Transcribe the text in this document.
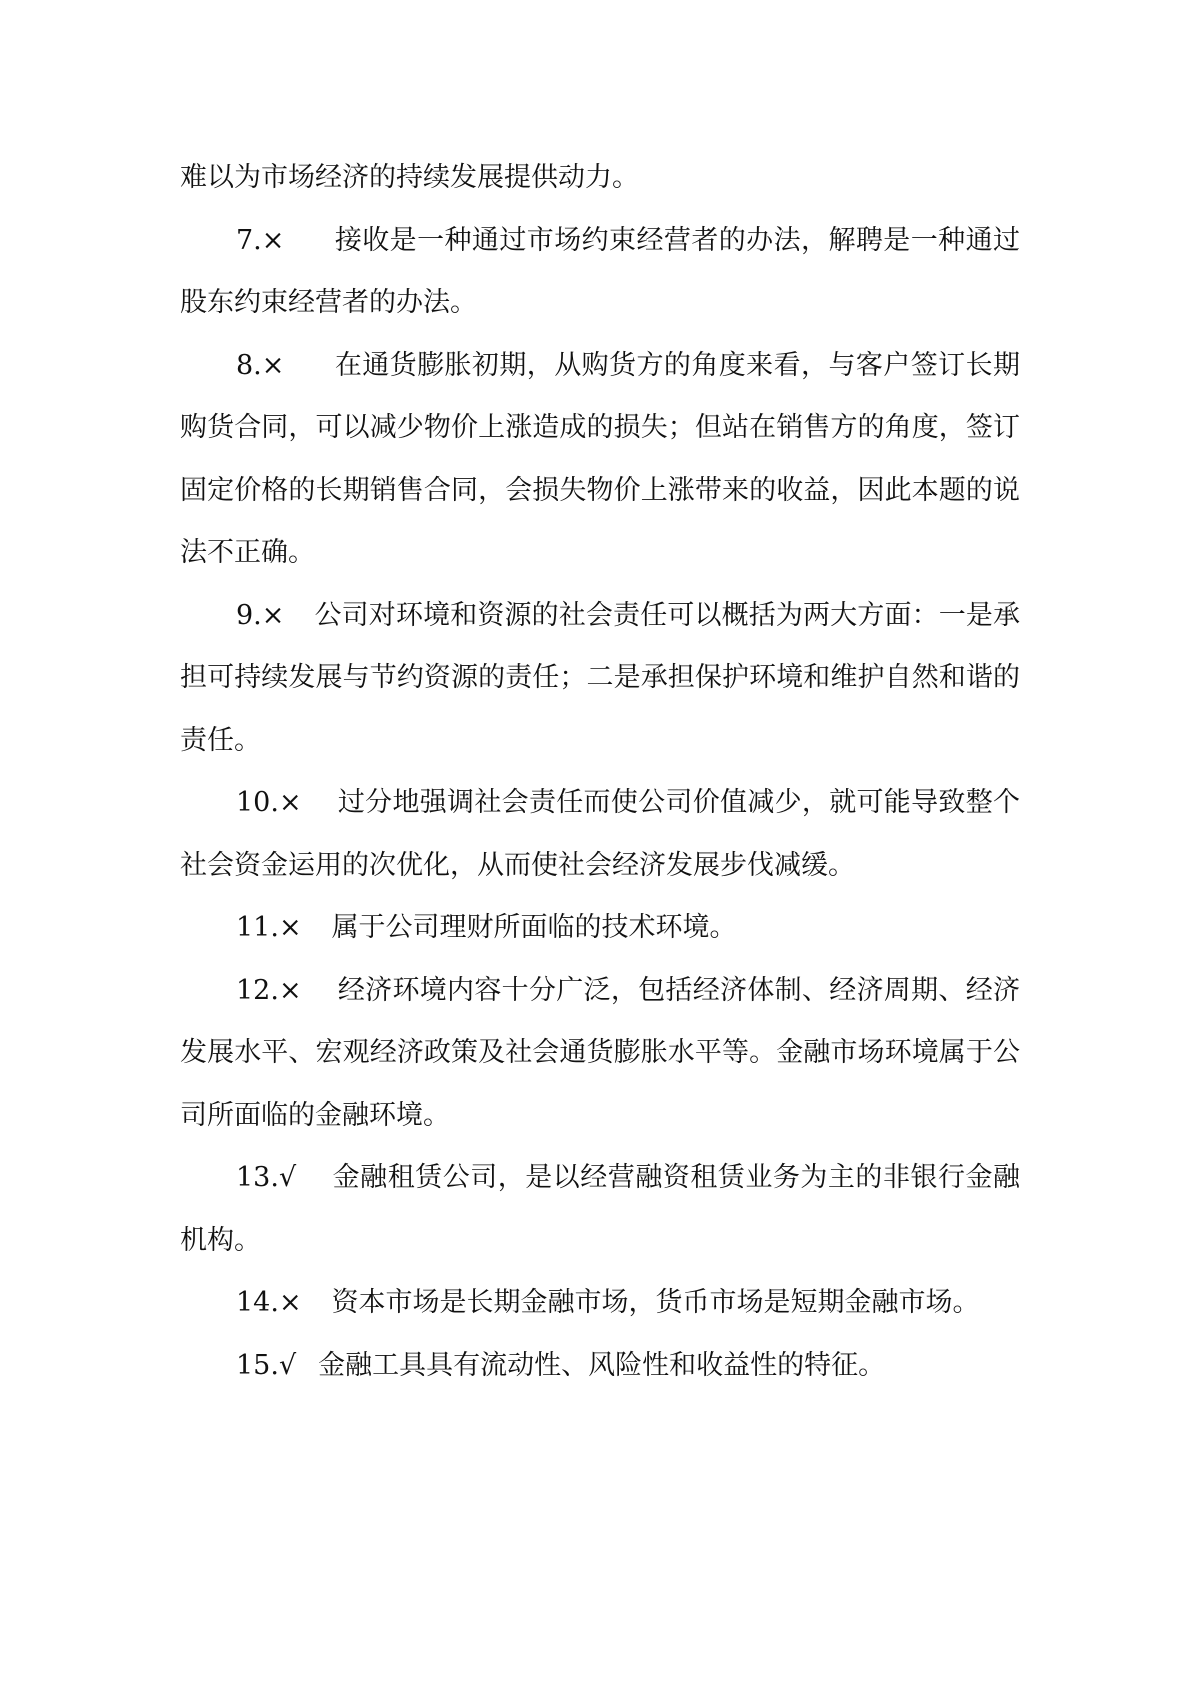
难以为市场经济的持续发展提供动力。

7.× 接收是一种通过市场约束经营者的办法，解聘是一种通过股东约束经营者的办法。

8.× 在通货膨胀初期，从购货方的角度来看，与客户签订长期购货合同，可以减少物价上涨造成的损失；但站在销售方的角度，签订固定价格的长期销售合同，会损失物价上涨带来的收益，因此本题的说法不正确。

9.× 公司对环境和资源的社会责任可以概括为两大方面：一是承担可持续发展与节约资源的责任；二是承担保护环境和维护自然和谐的责任。

10.× 过分地强调社会责任而使公司价值减少，就可能导致整个社会资金运用的次优化，从而使社会经济发展步伐减缓。

11.× 属于公司理财所面临的技术环境。

12.× 经济环境内容十分广泛，包括经济体制、经济周期、经济发展水平、宏观经济政策及社会通货膨胀水平等。金融市场环境属于公司所面临的金融环境。

13.√ 金融租赁公司，是以经营融资租赁业务为主的非银行金融机构。

14.× 资本市场是长期金融市场，货币市场是短期金融市场。

15.√ 金融工具具有流动性、风险性和收益性的特征。
